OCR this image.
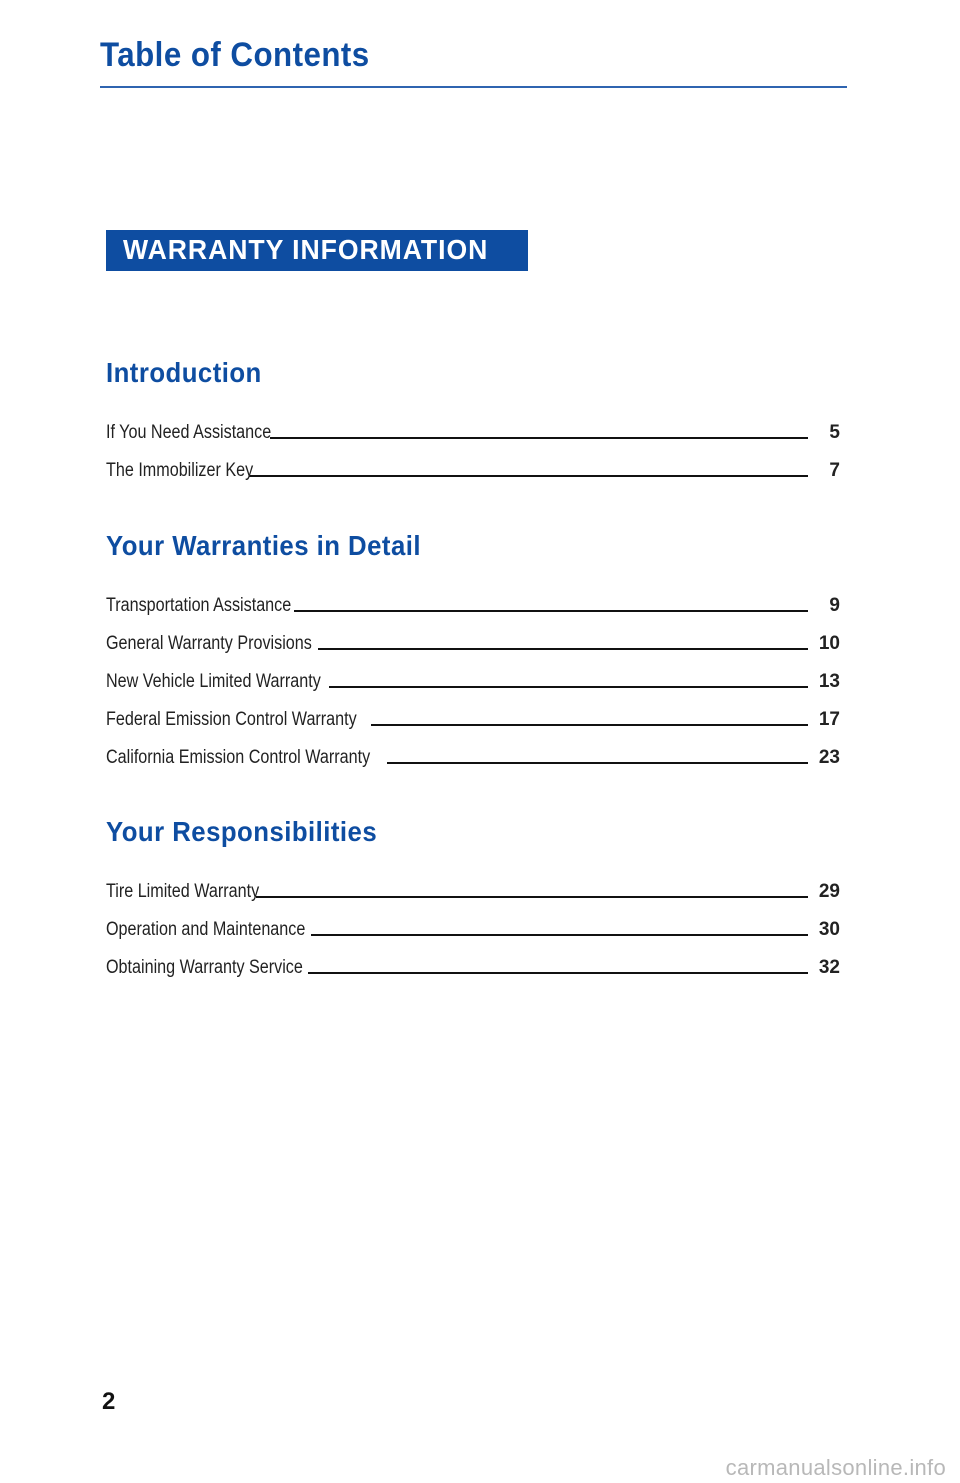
Table of Contents
WARRANTY INFORMATION
Introduction
If You Need Assistance	5
The Immobilizer Key	7
Your Warranties in Detail
Transportation Assistance	9
General Warranty Provisions	10
New Vehicle Limited Warranty	13
Federal Emission Control Warranty	17
California Emission Control Warranty	23
Your Responsibilities
Tire Limited Warranty	29
Operation and Maintenance	30
Obtaining Warranty Service	32
2
carmanualsonline.info
